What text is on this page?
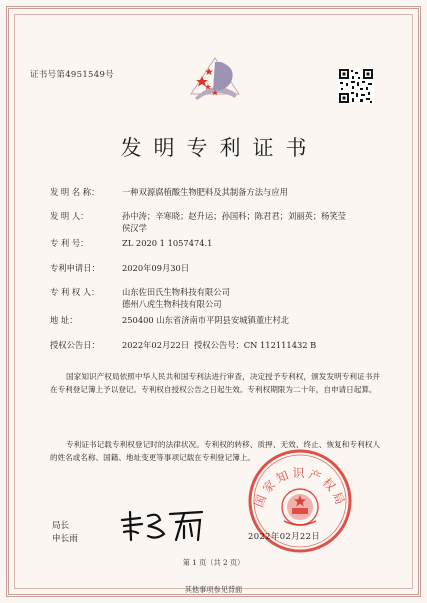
证书号第4951549号
发明专利证书
发 明 名 称：	一种双源腐植酸生物肥料及其制备方法与应用
发 明 人：	孙中涛；辛寒晓；赵升运；孙国科；陈君君；刘丽英；杨笑莹
侯汉学
专 利 号：	ZL 2020 1 1057474.1
专利申请日：	2020年09月30日
专 利 权 人：	山东佐田氏生物科技有限公司
德州八虎生物科技有限公司
地 址：	250400 山东省济南市平阴县安城镇董庄村北
授权公告日：	2022年02月22日 授权公告号：CN 112111432 B

国家知识产权局依照中华人民共和国专利法进行审查，决定授予专利权，颁发发明专利证书并在专利登记簿上予以登记。专利权自授权公告之日起生效。专利权期限为二十年，自申请日起算。

专利证书记载专利权登记时的法律状况。专利权的转移、质押、无效、终止、恢复和专利权人的姓名或名称、国籍、地址变更等事项记载在专利登记簿上。

局长
申长雨
国家知识产权局
2022年02月22日
第 1 页（共 2 页）
其他事项参见背面
